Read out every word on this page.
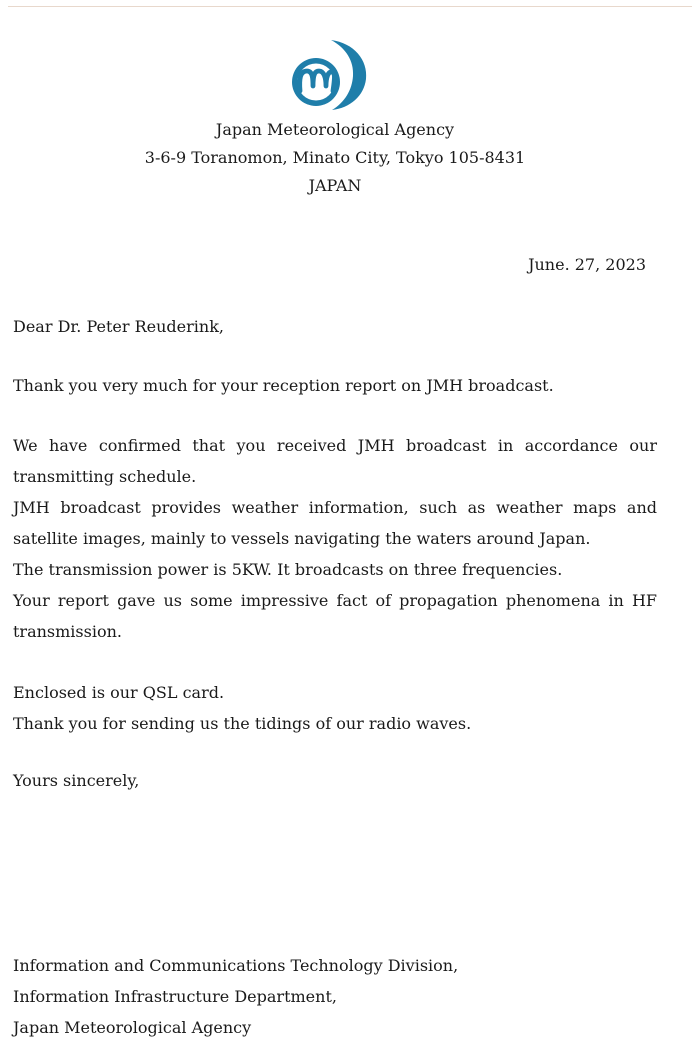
Japan Meteorological Agency
3-6-9 Toranomon, Minato City, Tokyo 105-8431
JAPAN
June. 27, 2023
Dear Dr. Peter Reuderink,
Thank you very much for your reception report on JMH broadcast.
We have confirmed that you received JMH broadcast in accordance our transmitting schedule.
JMH broadcast provides weather information, such as weather maps and satellite images, mainly to vessels navigating the waters around Japan.
The transmission power is 5KW. It broadcasts on three frequencies.
Your report gave us some impressive fact of propagation phenomena in HF transmission.
Enclosed is our QSL card.
Thank you for sending us the tidings of our radio waves.
Yours sincerely,
Information and Communications Technology Division,
Information Infrastructure Department,
Japan Meteorological Agency
